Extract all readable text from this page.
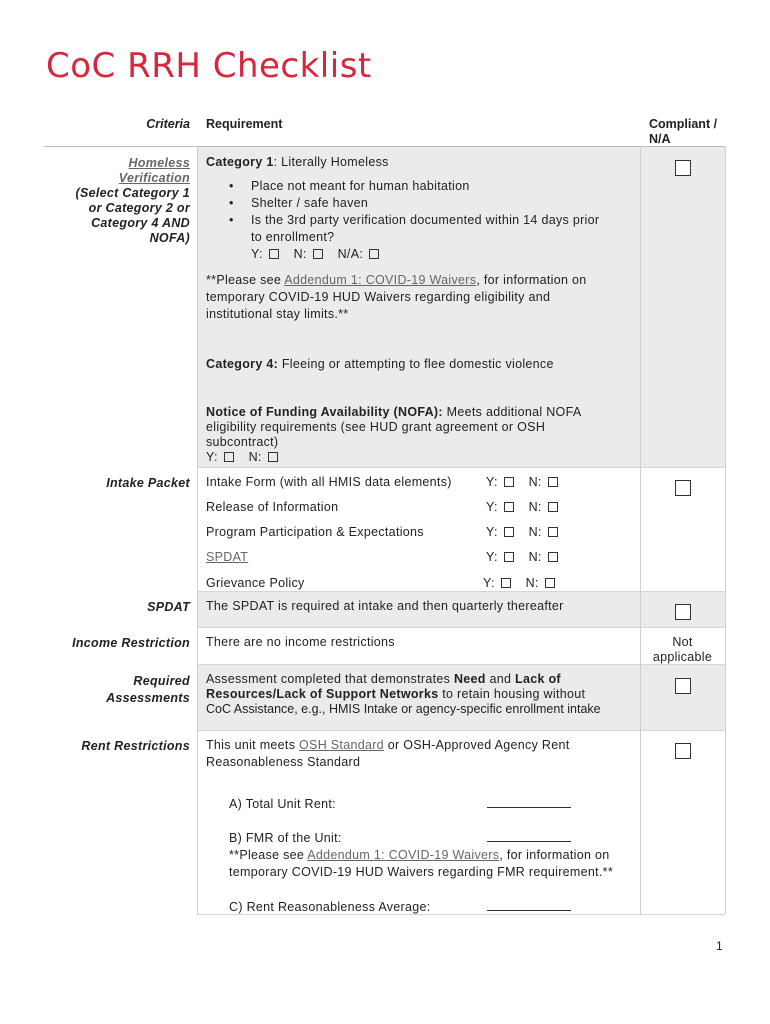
CoC RRH Checklist
Criteria Requirement	Compliant /
N/A
Homeless
Verification
(Select Category 1
or Category 2 or
Category 4 AND
NOFA)
Category 1: Literally Homeless
• Place not meant for human habitation
• Shelter / safe haven
• Is the 3rd party verification documented within 14 days prior
to enrollment?
Y: N: N/A:
**Please see Addendum 1: COVID-19 Waivers, for information on
temporary COVID-19 HUD Waivers regarding eligibility and
institutional stay limits.**
Category 4: Fleeing or attempting to flee domestic violence
Notice of Funding Availability (NOFA): Meets additional NOFA
eligibility requirements (see HUD grant agreement or OSH
subcontract)
Y: N:
Intake Packet Intake Form (with all HMIS data elements)
Release of Information
Program Participation & Expectations
SPDAT
Grievance Policy
Y: N:
Y: N:
Y: N:
Y: N:
Y: N:
SPDAT The SPDAT is required at intake and then quarterly thereafter
Income Restriction There are no income restrictions	Not
applicable
Required
Assessments
Assessment completed that demonstrates Need and Lack of
Resources/Lack of Support Networks to retain housing without
CoC Assistance, e.g., HMIS Intake or agency-specific enrollment intake
Rent Restrictions This unit meets OSH Standard or OSH-Approved Agency Rent
Reasonableness Standard
A) Total Unit Rent:
B) FMR of the Unit:
**Please see Addendum 1: COVID-19 Waivers, for information on
temporary COVID-19 HUD Waivers regarding FMR requirement.**
C) Rent Reasonableness Average:
1
